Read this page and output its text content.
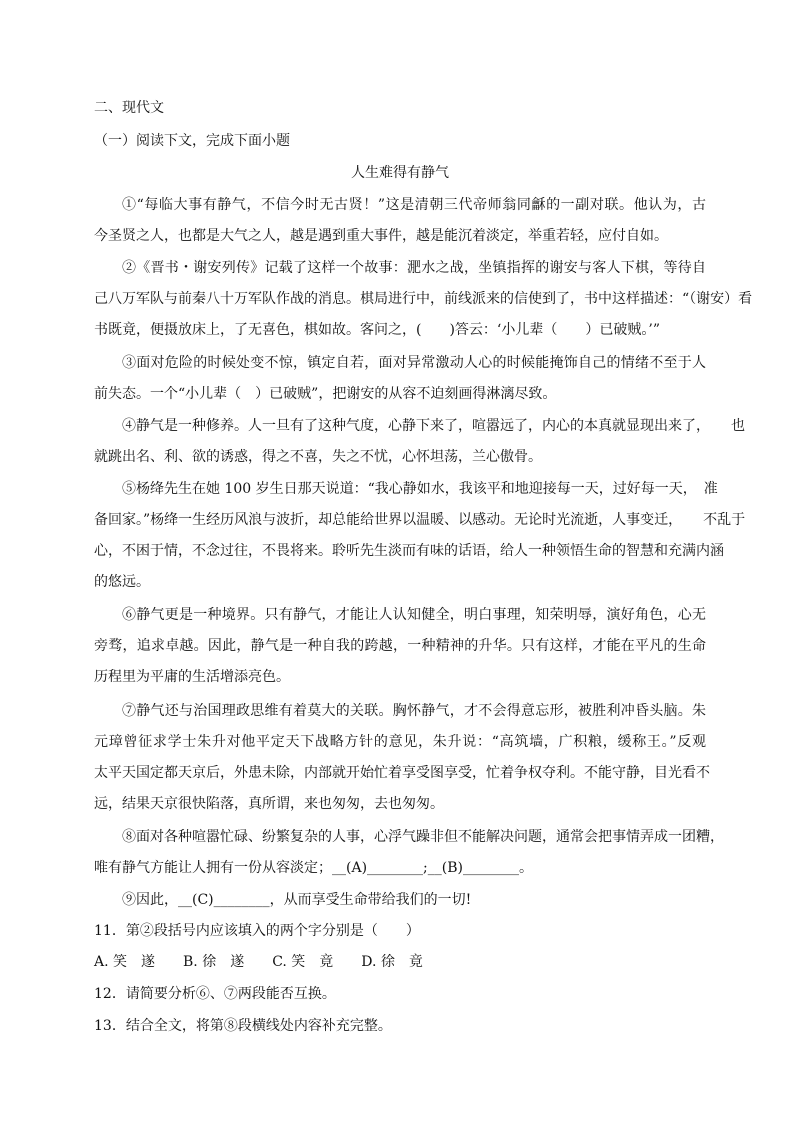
二、现代文
（一）阅读下文，完成下面小题
人生难得有静气
①“每临大事有静气，不信今时无古贤！”这是清朝三代帝师翁同龢的一副对联。他认为，古
今圣贤之人，也都是大气之人，越是遇到重大事件，越是能沉着淡定，举重若轻，应付自如。
②《晋书・谢安列传》记载了这样一个故事：淝水之战，坐镇指挥的谢安与客人下棋，等待自
己八万军队与前秦八十万军队作战的消息。棋局进行中，前线派来的信使到了，书中这样描述：“（谢安）看
书既竟，便摄放床上，了无喜色，棋如故。客问之，(　　)答云：‘小儿辈（　　）已破贼。’”
③面对危险的时候处变不惊，镇定自若，面对异常激动人心的时候能掩饰自己的情绪不至于人
前失态。一个“小儿辈（　）已破贼”，把谢安的从容不迫刻画得淋漓尽致。
④静气是一种修养。人一旦有了这种气度，心静下来了，喧嚣远了，内心的本真就显现出来了，　　也
就跳出名、利、欲的诱惑，得之不喜，失之不忧，心怀坦荡，兰心傲骨。
⑤杨绛先生在她 100 岁生日那天说道：“我心静如水，我该平和地迎接每一天，过好每一天，　准
备回家。”杨绛一生经历风浪与波折，却总能给世界以温暖、以感动。无论时光流逝，人事变迁，　　不乱于
心，不困于情，不念过往，不畏将来。聆听先生淡而有味的话语，给人一种领悟生命的智慧和充满内涵
的悠远。
⑥静气更是一种境界。只有静气，才能让人认知健全，明白事理，知荣明辱，演好角色，心无
旁骛，追求卓越。因此，静气是一种自我的跨越，一种精神的升华。只有这样，才能在平凡的生命
历程里为平庸的生活增添亮色。
⑦静气还与治国理政思维有着莫大的关联。胸怀静气，才不会得意忘形，被胜利冲昏头脑。朱
元璋曾征求学士朱升对他平定天下战略方针的意见，朱升说：“高筑墙，广积粮，缓称王。”反观
太平天国定都天京后，外患未除，内部就开始忙着享受图享受，忙着争权夺利。不能守静，目光看不
远，结果天京很快陷落，真所谓，来也匆匆，去也匆匆。
⑧面对各种喧嚣忙碌、纷繁复杂的人事，心浮气躁非但不能解决问题，通常会把事情弄成一团糟，
唯有静气方能让人拥有一份从容淡定；__(A)________;__(B)________。
⑨因此，__(C)________，从而享受生命带给我们的一切!
11．第②段括号内应该填入的两个字分别是（　　）
A. 笑　遂　　B. 徐　遂　　C. 笑　竟　　D. 徐　竟
12．请简要分析⑥、⑦两段能否互换。
13．结合全文，将第⑧段横线处内容补充完整。
